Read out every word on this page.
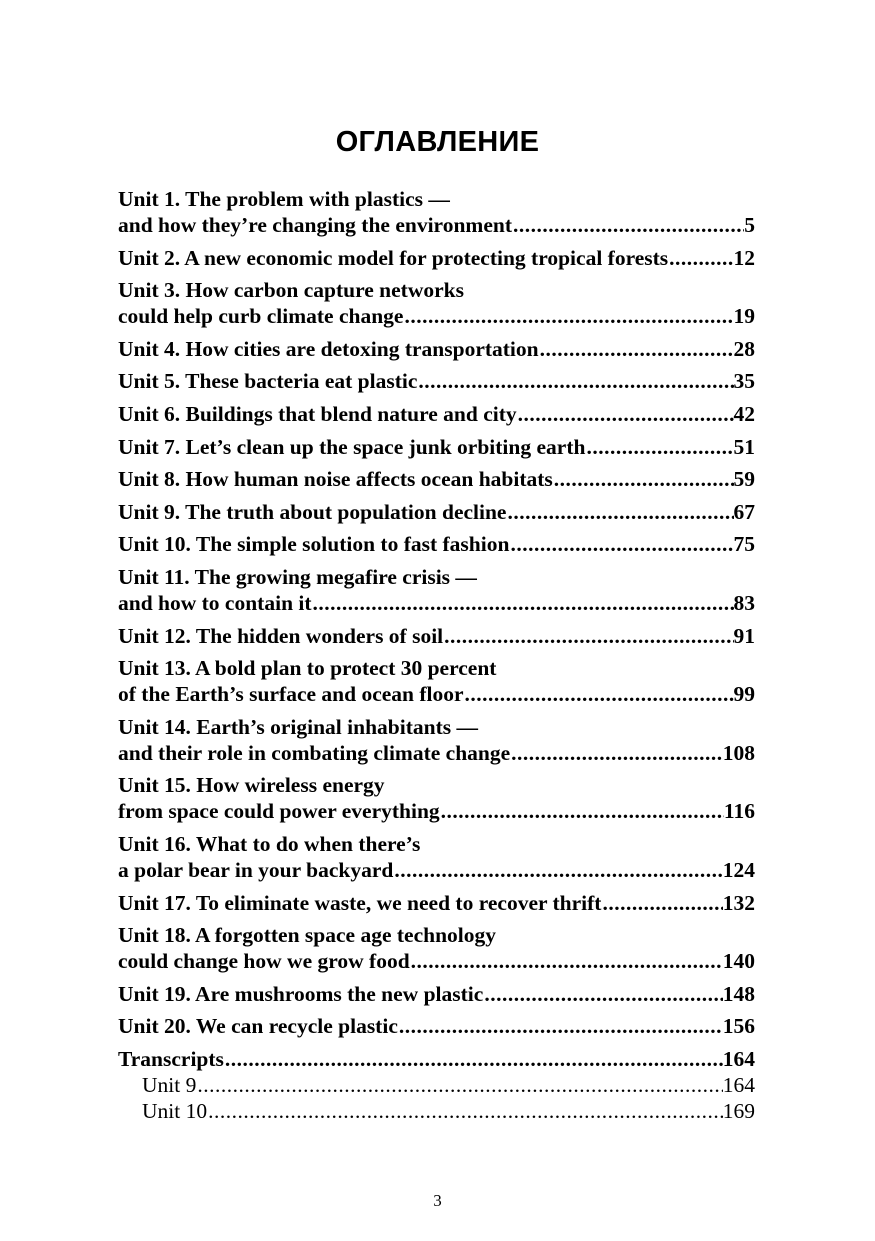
ОГЛАВЛЕНИЕ
Unit 1. The problem with plastics —
and how they’re changing the environment .....	5
Unit 2. A new economic model for protecting tropical forests .....	12
Unit 3. How carbon capture networks
could help curb climate change .....	19
Unit 4. How cities are detoxing transportation .....	28
Unit 5. These bacteria eat plastic .....	35
Unit 6. Buildings that blend nature and city .....	42
Unit 7. Let’s clean up the space junk orbiting earth .....	51
Unit 8. How human noise affects ocean habitats .....	59
Unit 9. The truth about population decline .....	67
Unit 10. The simple solution to fast fashion .....	75
Unit 11. The growing megafire crisis —
and how to contain it .....	83
Unit 12. The hidden wonders of soil .....	91
Unit 13. A bold plan to protect 30 percent
of the Earth’s surface and ocean floor .....	99
Unit 14. Earth’s original inhabitants —
and their role in combating climate change .....	108
Unit 15. How wireless energy
from space could power everything .....	116
Unit 16. What to do when there’s
a polar bear in your backyard .....	124
Unit 17. To eliminate waste, we need to recover thrift .....	132
Unit 18. A forgotten space age technology
could change how we grow food .....	140
Unit 19. Are mushrooms the new plastic .....	148
Unit 20. We can recycle plastic .....	156
Transcripts .....	164
Unit 9 .....	164
Unit 10 .....	169
3
